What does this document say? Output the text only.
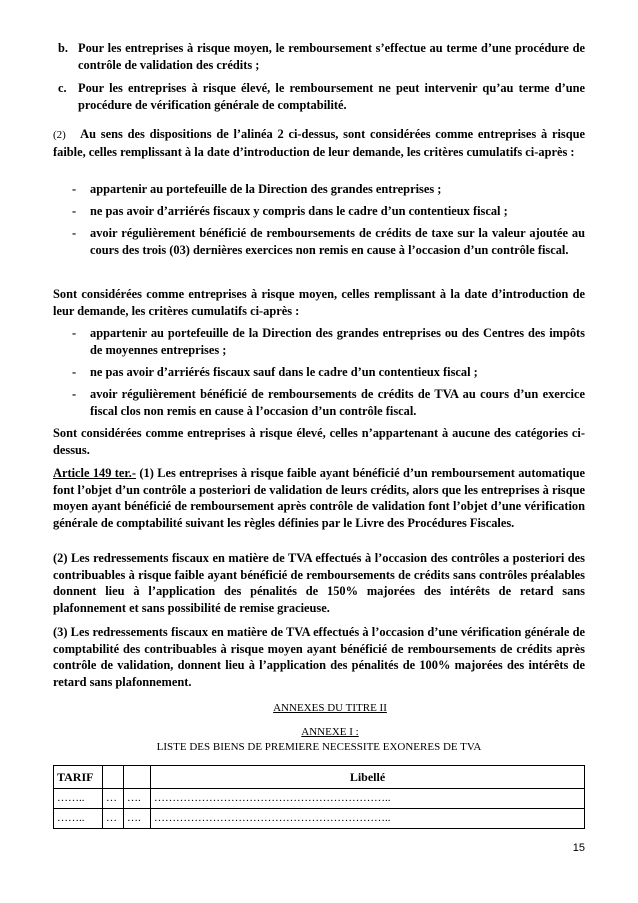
b. Pour les entreprises à risque moyen, le remboursement s’effectue au terme d’une procédure de contrôle de validation des crédits ;
c. Pour les entreprises à risque élevé, le remboursement ne peut intervenir qu’au terme d’une procédure de vérification générale de comptabilité.
(2) Au sens des dispositions de l’alinéa 2 ci-dessus, sont considérées comme entreprises à risque faible, celles remplissant à la date d’introduction de leur demande, les critères cumulatifs ci-après :
- appartenir au portefeuille de la Direction des grandes entreprises ;
- ne pas avoir d’arriérés fiscaux y compris dans le cadre d’un contentieux fiscal ;
- avoir régulièrement bénéficié de remboursements de crédits de taxe sur la valeur ajoutée au cours des trois (03) dernières exercices non remis en cause à l’occasion d’un contrôle fiscal.
Sont considérées comme entreprises à risque moyen, celles remplissant à la date d’introduction de leur demande, les critères cumulatifs ci-après :
- appartenir au portefeuille de la Direction des grandes entreprises ou des Centres des impôts de moyennes entreprises ;
- ne pas avoir d’arriérés fiscaux sauf dans le cadre d’un contentieux fiscal ;
- avoir régulièrement bénéficié de remboursements de crédits de TVA au cours d’un exercice fiscal clos non remis en cause à l’occasion d’un contrôle fiscal.
Sont considérées comme entreprises à risque élevé, celles n’appartenant à aucune des catégories ci-dessus.
Article 149 ter.- (1) Les entreprises à risque faible ayant bénéficié d’un remboursement automatique font l’objet d’un contrôle a posteriori de validation de leurs crédits, alors que les entreprises à risque moyen ayant bénéficié de remboursement après contrôle de validation font l’objet d’une vérification générale de comptabilité suivant les règles définies par le Livre des Procédures Fiscales.
(2) Les redressements fiscaux en matière de TVA effectués à l’occasion des contrôles a posteriori des contribuables à risque faible ayant bénéficié de remboursements de crédits sans contrôles préalables donnent lieu à l’application des pénalités de 150% majorées des intérêts de retard sans plafonnement et sans possibilité de remise gracieuse.
(3) Les redressements fiscaux en matière de TVA effectués à l’occasion d’une vérification générale de comptabilité des contribuables à risque moyen ayant bénéficié de remboursements de crédits après contrôle de validation, donnent lieu à l’application des pénalités de 100% majorées des intérêts de retard sans plafonnement.
ANNEXES DU TITRE II
ANNEXE I :
LISTE DES BIENS DE PREMIERE NECESSITE EXONERES DE TVA
TARIF			Libellé
……..	…	….	………………………………………………………..
……..	…	….	………………………………………………………..
15
